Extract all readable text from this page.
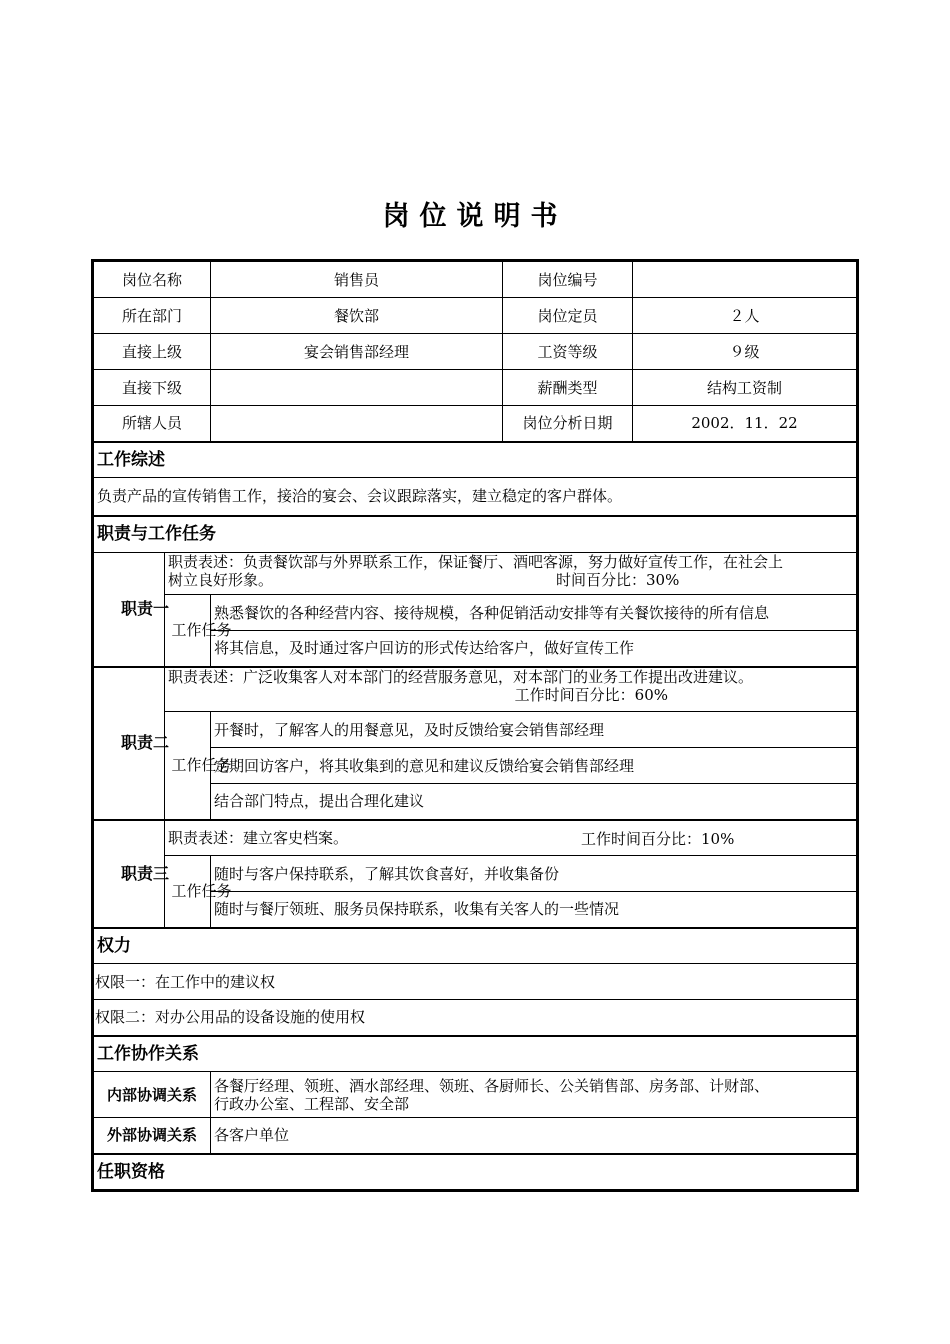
岗位说明书
岗位名称		销售员	岗位编号	
所在部门		餐饮部	岗位定员	２人
直接上级		宴会销售部经理	工资等级	９级
直接下级			薪酬类型	结构工资制
所辖人员			岗位分析日期	2002．11．22
工作综述				
负责产品的宣传销售工作，接洽的宴会、会议跟踪落实，建立稳定的客户群体。				
职责与工作任务				
职责一	职责表述：负责餐饮部与外界联系工作，保证餐厅、酒吧客源，努力做好宣传工作，在社会上
树立良好形象。 时间百分比：30%			

	工作任务	熟悉餐饮的各种经营内容、接待规模，各种促销活动安排等有关餐饮接待的所有信息		
		将其信息，及时通过客户回访的形式传达给客户，做好宣传工作		
职责二	职责表述：广泛收集客人对本部门的经营服务意见，对本部门的业务工作提出改进建议。
工作时间百分比：60%			

	工作任务	开餐时，了解客人的用餐意见，及时反馈给宴会销售部经理		
		定期回访客户，将其收集到的意见和建议反馈给宴会销售部经理		
		结合部门特点，提出合理化建议		
职责三	职责表述：建立客史档案。 工作时间百分比：10%			

	工作任务	随时与客户保持联系，了解其饮食喜好，并收集备份		
		随时与餐厅领班、服务员保持联系，收集有关客人的一些情况		
权力				
权限一：在工作中的建议权				
权限二：对办公用品的设备设施的使用权				
工作协作关系				
内部协调关系		各餐厅经理、领班、酒水部经理、领班、各厨师长、公关销售部、房务部、计财部、
行政办公室、工程部、安全部		

外部协调关系		各客户单位		
任职资格				
